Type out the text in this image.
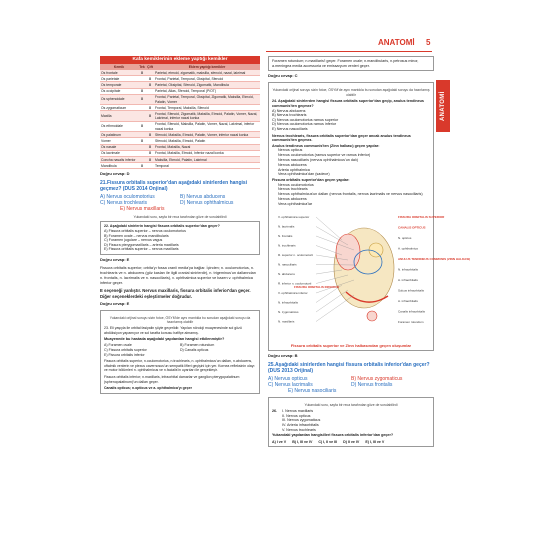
ANATOMİ 5
ANATOMİ
Kafa kemiklerinin ekleme yaptığı kemikler
Kemik	Tek	Çift	Eklem yaptığı kemikler
Os frontale	X		Parietal, etmoid, zigomatik, maksilla, sfenoid, nazal, lakrimal
Os parietale		X	Frontal, Parietal, Temporal, Oksipital, Sfenoid
Os temporale		X	Parietal, Oksipital, Sfenoid, Zigomatik, Mandibula
Os occipitale	X		Parietal, Atlas, Sfenoid, Temporal (P/OT)
Os sphenoidale	X		Frontal, Parietal, Temporal, Oksipital, Zigomatik, Maksilla, Etmoid, Palatin, Vomer
Os zygomaticum		X	Frontal, Temporal, Maksilla, Sfenoid
Maxilla		X	Frontal, Sfenoid, Zigomatik, Maksilla, Etmoid, Palatin, Vomer, Nazal, Lakrimal, inferior nazal konka
Os ethmoidale	X		Frontal, Sfenoid, Maksilla, Palatin, Vomer, Nazal, Lakrimal, inferior nazal konka
Os palatinum		X	Sfenoid, Maksilla, Etmoid, Palatin, Vomer, inferior nazal konka
Vomer	X		Sfenoid, Maksilla, Etmoid, Palatin
Os nasale		X	Frontal, Maksilla, Nazal
Os lacrimale		X	Frontal, Maksilla, Etmoid, Inferior nazal konka
Concha nasalis inferior		X	Maksilla, Etmoid, Palatin, Lakrimal
Mandibula	X		Temporal
Doğru cevap: D
21.Fissura orbitalis superior'dan aşağıdaki sinirlerden hangisi geçmez? (DUS 2014 Onjinal)
A) Nervus oculomotorius	B) Nervus abducens
C) Nervus trochlearis	D) Nervus ophthalmicus
E) Nervus maxillaris
Yukarıdaki soru, sayfa bir reca tarafından göze de sorulabilirdi
22. Aşağıdaki sinirlerin hangisi fissura orbitalis superior'dan geçer?
A) Fissura orbitalis superior – nervus oculomotorius
B) Foramen ovale – nervus mandibularis
C) Foramen jugulare – nervus vagus
D) Fissura pterygomaxillaris – arteria maxillaris
E) Fissura orbitalis superior – nervus maxillaris
Doğru cevap: E
Fissura orbitalis superior; orbita'yı fossa cranii media'ya bağlar. İçinden; n. oculomotorius, n. trochlearis ve n. abducens (göz kasları ile ilgili cranial sinirlerdir), n. trigeminus'un dallarından n. frontalis, n. lacrimalis ve n. nasociliaris), v. ophthalmica superior ve bazen v. ophthalmica inferior geçer.
E seçeneği yanlıştır. Nervus maxillaris, fissura orbitalis inferior'dan geçer. Diğer seçeneklerdeki eşleştirmeler doğrudur.
Doğru cevap: E
Yukarıdaki orijinal soruyu sizin fotoe, ÖSYM'de aynı mantıkla bu sorudan aşağıdaki soruyu da hazırlamış olabilir
23. Eli yaşıyla ile orbital fasiyalin şöyle geçerlidir. Yapılan nöroloji muayenesinde sol gözü abdüksiyon yapamıyor ve sol tarafta konusu hafifçe almamış.
Muayenede bu hastada aşağıdaki yapılardan hangisi etkilenmiştir?
A) Foramen ovale	B) Foramen rotundum
C) Fissura orbitalis superior	D) Canalis opticus
E) Fissura orbitalis inferior
Fissura orbitalis superior, n.oculomotorius, n.trochlearis, n. ophthalmicus'un dalları, n.abducens, oftalmik venlerin ve plexus cavernosus'un sempatik lifleri geçişini için yer. Kornea refleksinin olayı ve motor bölümleri n. ophthalmicus ve n.facialis'in uyarıları ile gerçekleşir.
Fissura orbitalis inferior; n.maxillaris, infraorbital damarlar ve ganglion pterygopalatinum (sphenopalatinum)'un dalları geçer.
Canalis opticus; n.opticus ve a. ophthalmica'yı geçer
Foramen rotundum; n.maxillaris'i geçer. Foramen ovale; n.mandibularis, n.petrosus minor, a.meningea media accessoria ve emissaryum venleri geçer.
Doğru cevap: C
Yukarıdaki orijinal soruyu sizin fotoe, ÖSYM'de aynı mantıkla bu sorudan aşağıdaki soruyu da hazırlamış olabilir
24. Aşağıdaki sinirlerden hangisi fissura orbitalis superior'dan geçip, anulus tendineus communis'ten geçmez?
A) Nervus abducens
B) Nervus trochlearis
C) Nervus oculomotorius ramus superior
D) Nervus oculomotorius ramus inferior
E) Nervus nasociliaris
Nervus trochlearis, fissura orbitalis superior'dan geçer ancak anulus tendineus communis'ten geçmez.
Anulus tendineus communis'ten (Zinn halkası) geçen yapılar:
Nervus opticus
Nervus oculomotorius (ramus superior ve ramus inferior)
Nervus nasociliaris (nervus ophthalmicus'un dalı)
Nervus abducens
Arteria ophthalmica
Vena ophthalmica'dan (sadece)
Fissura orbitalis superior'dan geçen yapılar:
Nervus oculomotorius
Nervus trochlearis
Nervus ophthalmicus'un dalları (nervus frontalis, nervus lacrimalis ve nervus nasociliaris)
Nervus abducens
Vena ophthalmica'lar
V. ophthalmica superior
N. lacrimalis
N. frontalis
N. trochlearis
R. superior n. oculomotorii
N. nasociliaris
N. abducens
R. inferior n. oculomotorii
V. ophthalmica inferior
N. infraorbitalis
N. zygomaticus
N. maxillaris
FISSURA ORBITALIS SUPERIOR
CANALIS OPTICUS
N. opticus
A. ophthalmica
ANULUS TENDINEUS COMMUNIS (ZINN HALKASI)
N. infraorbitalis
A. infraorbitalis
Sulcus infraorbitalis
A. infraorbitalis
Canalis infraorbitalis
Foramen rotundum
FISSURA ORBITALIS INFERIOR
Fissura orbitalis superior ve Zinn halkasından geçen oluşumlar
Doğru cevap: B
25.Aşağıdaki sinirlerden hangisi fissura orbitalis inferior'dan geçer? (DUS 2013 Orijinal)
A) Nervus opticus	B) Nervus zygomaticus
C) Nervus lacrimalis	D) Nervus frontalis
E) Nervus nasociliaris
Yukarıdaki soru, sayfa bir reca tarafından göze de sorulabilirdi
26. I. Nervus maxillaris
II. Nervus opticus
III. Nervus zygomaticus
IV. Arteria infraorbitalis
V. Nervus trochlearis
Yukarıdaki yapılardan hangisi/leri fissura orbitalis inferior'dan geçer?
A) I ve V B) I, III ve IV C) I, II ve III D) II ve IV E) I, III ve V
